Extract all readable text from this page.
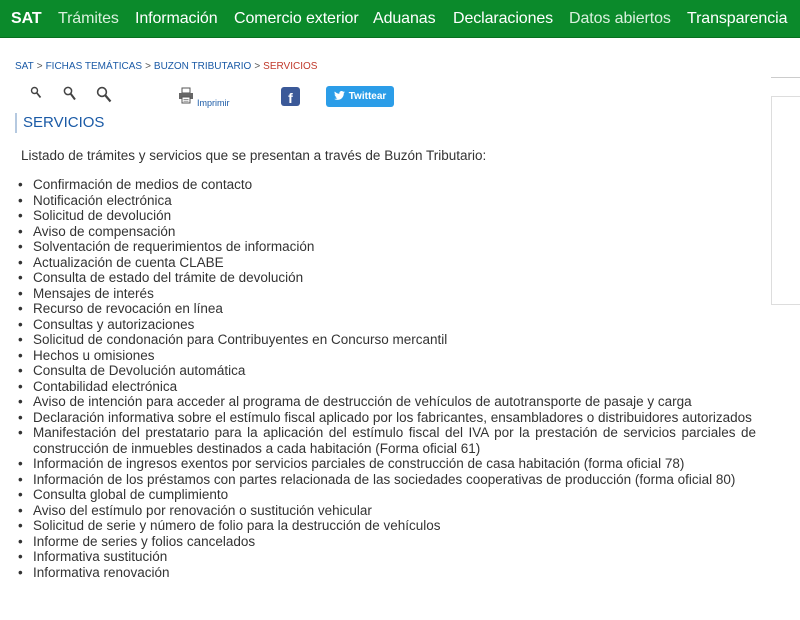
SAT Trámites Información Comercio exterior Aduanas Declaraciones Datos abiertos Transparencia
SAT > FICHAS TEMÁTICAS > BUZON TRIBUTARIO > SERVICIOS
Imprimir	f	Twittear
SERVICIOS
Listado de trámites y servicios que se presentan a través de Buzón Tributario:
• Confirmación de medios de contacto
• Notificación electrónica
• Solicitud de devolución
• Aviso de compensación
• Solventación de requerimientos de información
• Actualización de cuenta CLABE
• Consulta de estado del trámite de devolución
• Mensajes de interés
• Recurso de revocación en línea
• Consultas y autorizaciones
• Solicitud de condonación para Contribuyentes en Concurso mercantil
• Hechos u omisiones
• Consulta de Devolución automática
• Contabilidad electrónica
• Aviso de intención para acceder al programa de destrucción de vehículos de autotransporte de pasaje y carga
• Declaración informativa sobre el estímulo fiscal aplicado por los fabricantes, ensambladores o distribuidores autorizados
• Manifestación del prestatario para la aplicación del estímulo fiscal del IVA por la prestación de servicios parciales de construcción de inmuebles destinados a cada habitación (Forma oficial 61)
• Información de ingresos exentos por servicios parciales de construcción de casa habitación (forma oficial 78)
• Información de los préstamos con partes relacionada de las sociedades cooperativas de producción (forma oficial 80)
• Consulta global de cumplimiento
• Aviso del estímulo por renovación o sustitución vehicular
• Solicitud de serie y número de folio para la destrucción de vehículos
• Informe de series y folios cancelados
• Informativa sustitución
• Informativa renovación
